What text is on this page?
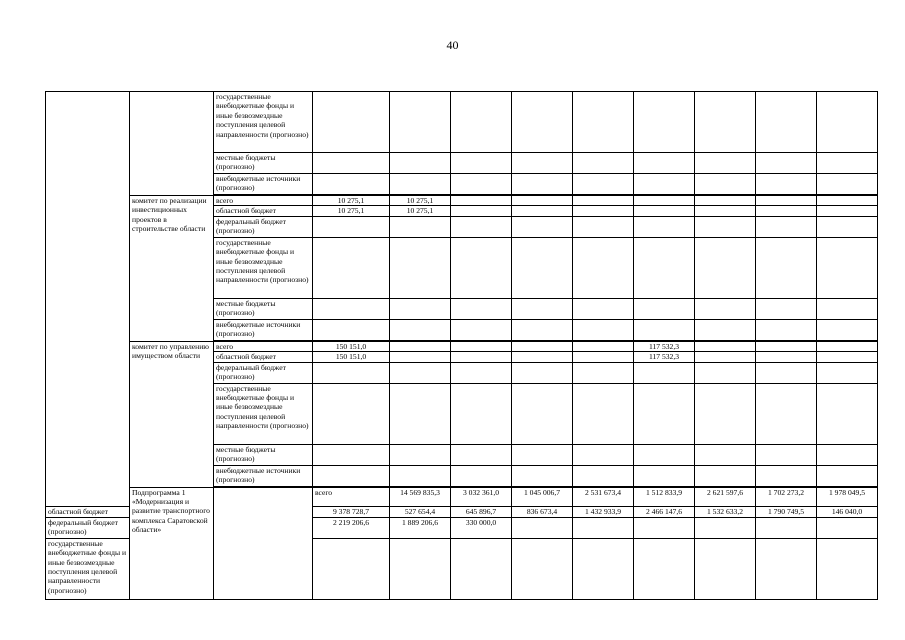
40
		государственные внебюджетные фонды и иные безвозмездные поступления целевой направленности (прогнозно)										
		местные бюджеты (прогнозно)										
		внебюджетные источники (прогнозно)										

	комитет по реализации инвестиционных проектов в строительстве области	всего	10 275,1	10 275,1								
		областной бюджет	10 275,1	10 275,1								
		федеральный бюджет (прогнозно)										
		государственные внебюджетные фонды и иные безвозмездные поступления целевой направленности (прогнозно)										
		местные бюджеты (прогнозно)										
		внебюджетные источники (прогнозно)										

	комитет по управлению имуществом области	всего	150 151,0					117 532,3				
		областной бюджет	150 151,0					117 532,3				
		федеральный бюджет (прогнозно)										
		государственные внебюджетные фонды и иные безвозмездные поступления целевой направленности (прогнозно)										
		местные бюджеты (прогнозно)										
		внебюджетные источники (прогнозно)										

	Подпрограмма 1 «Модернизация и развитие транспортного комплекса Саратовской области»		всего	14 569 835,3	3 032 361,0	1 045 006,7	2 531 673,4	1 512 833,9	2 621 597,6	1 702 273,2	1 978 049,5	
областной бюджет			9 378 728,7	527 654,4	645 896,7	836 673,4	1 432 933,9	2 466 147,6	1 532 633,2	1 790 749,5	146 040,0	
федеральный бюджет (прогнозно)			2 219 206,6	1 889 206,6	330 000,0							
государственные внебюджетные фонды и иные безвозмездные поступления целевой направленности (прогнозно)												
